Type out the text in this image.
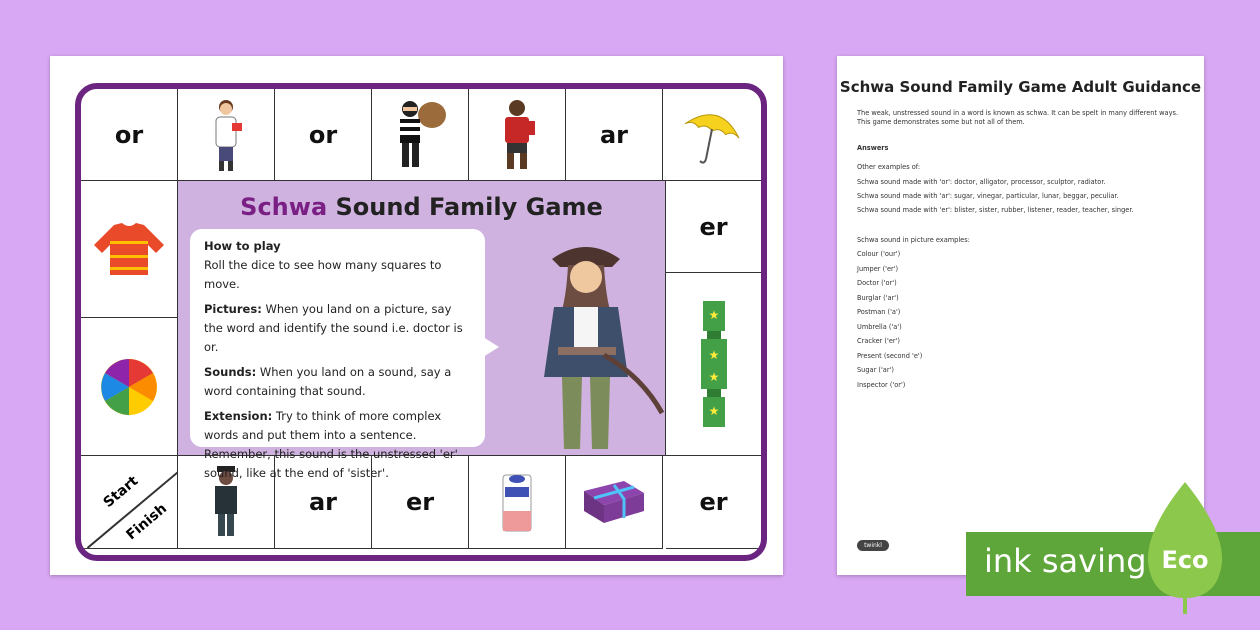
or	or	ar
Start
Finish
er
★
★
★
★
er
ar	er
Schwa Sound Family Game

How to play
Roll the dice to see how many squares to move.

Pictures: When you land on a picture, say the word and identify the sound i.e. doctor is or.

Sounds: When you land on a sound, say a word containing that sound.

Extension: Try to think of more complex words and put them into a sentence. Remember, this sound is the unstressed 'er' sound, like at the end of 'sister'.

Schwa Sound Family Game Adult Guidance

The weak, unstressed sound in a word is known as schwa. It can be spelt in many different ways. This game demonstrates some but not all of them.

Answers

Other examples of:

Schwa sound made with 'or': doctor, alligator, processor, sculptor, radiator.

Schwa sound made with 'ar': sugar, vinegar, particular, lunar, beggar, peculiar.

Schwa sound made with 'er': blister, sister, rubber, listener, reader, teacher, singer.

Schwa sound in picture examples:

Colour ('our')
Jumper ('er')
Doctor ('or')
Burglar ('ar')
Postman ('a')
Umbrella ('a')
Cracker ('er')
Present (second 'e')
Sugar ('ar')
Inspector ('or')
twinkl	ink saving Eco
